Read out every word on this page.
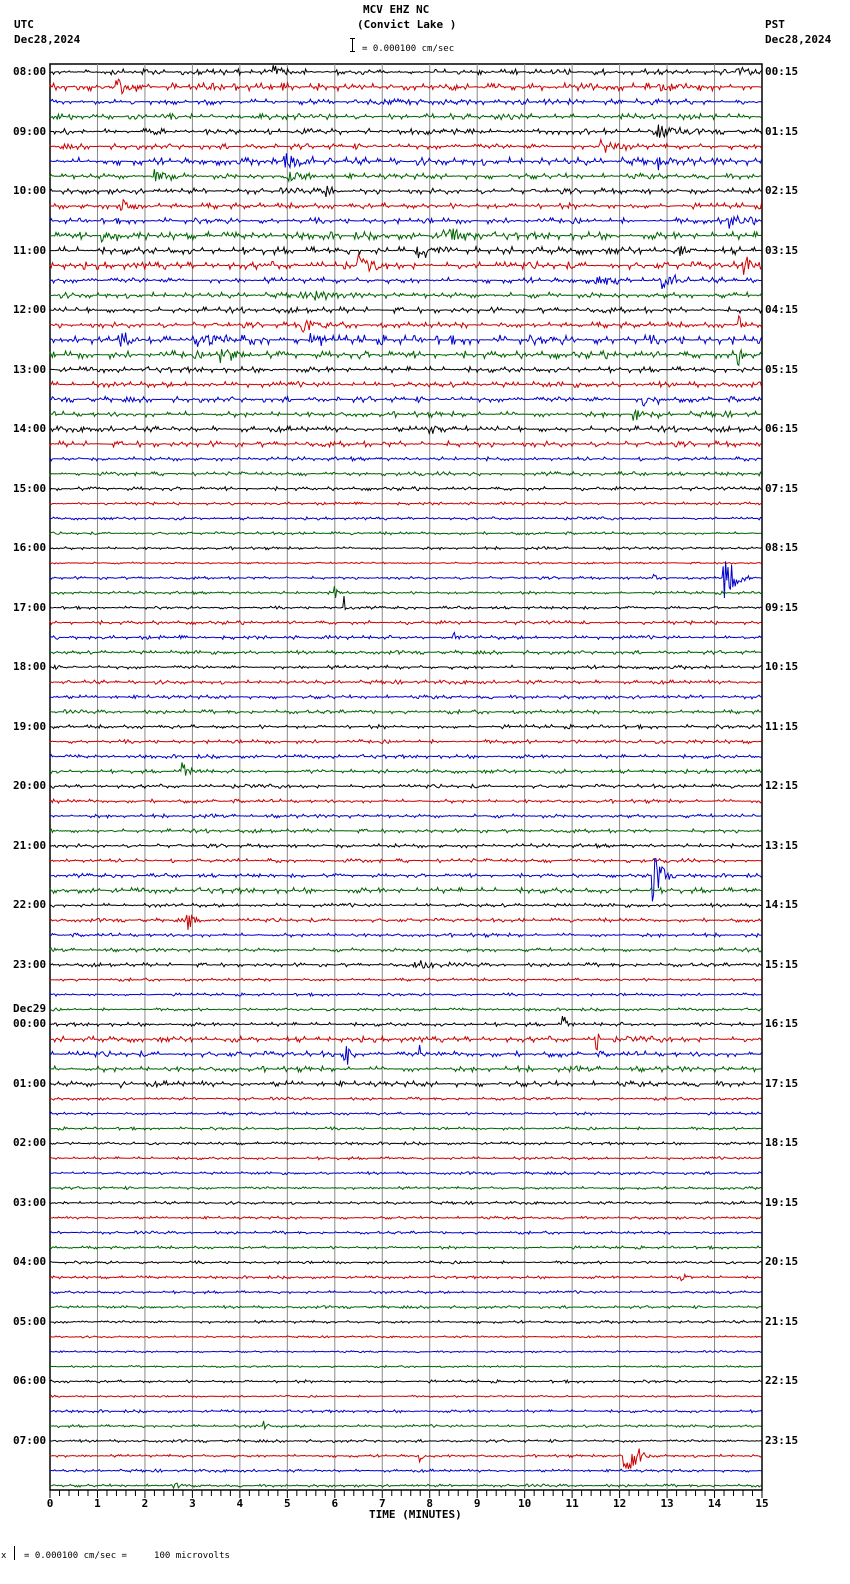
MCV EHZ NC
(Convict Lake )
UTC
Dec28,2024
PST
Dec28,2024
= 0.000100 cm/sec
08:00
09:00
10:00
11:00
12:00
13:00
14:00
15:00
16:00
17:00
18:00
19:00
20:00
21:00
22:00
23:00
00:00
Dec29
01:00
02:00
03:00
04:00
05:00
06:00
07:00
00:15
01:15
02:15
03:15
04:15
05:15
06:15
07:15
08:15
09:15
10:15
11:15
12:15
13:15
14:15
15:15
16:15
17:15
18:15
19:15
20:15
21:15
22:15
23:15
0	1	2	3	4	5	6	7	8	9	10	11	12	13	14	15
TIME (MINUTES)
x = 0.000100 cm/sec =     100 microvolts
